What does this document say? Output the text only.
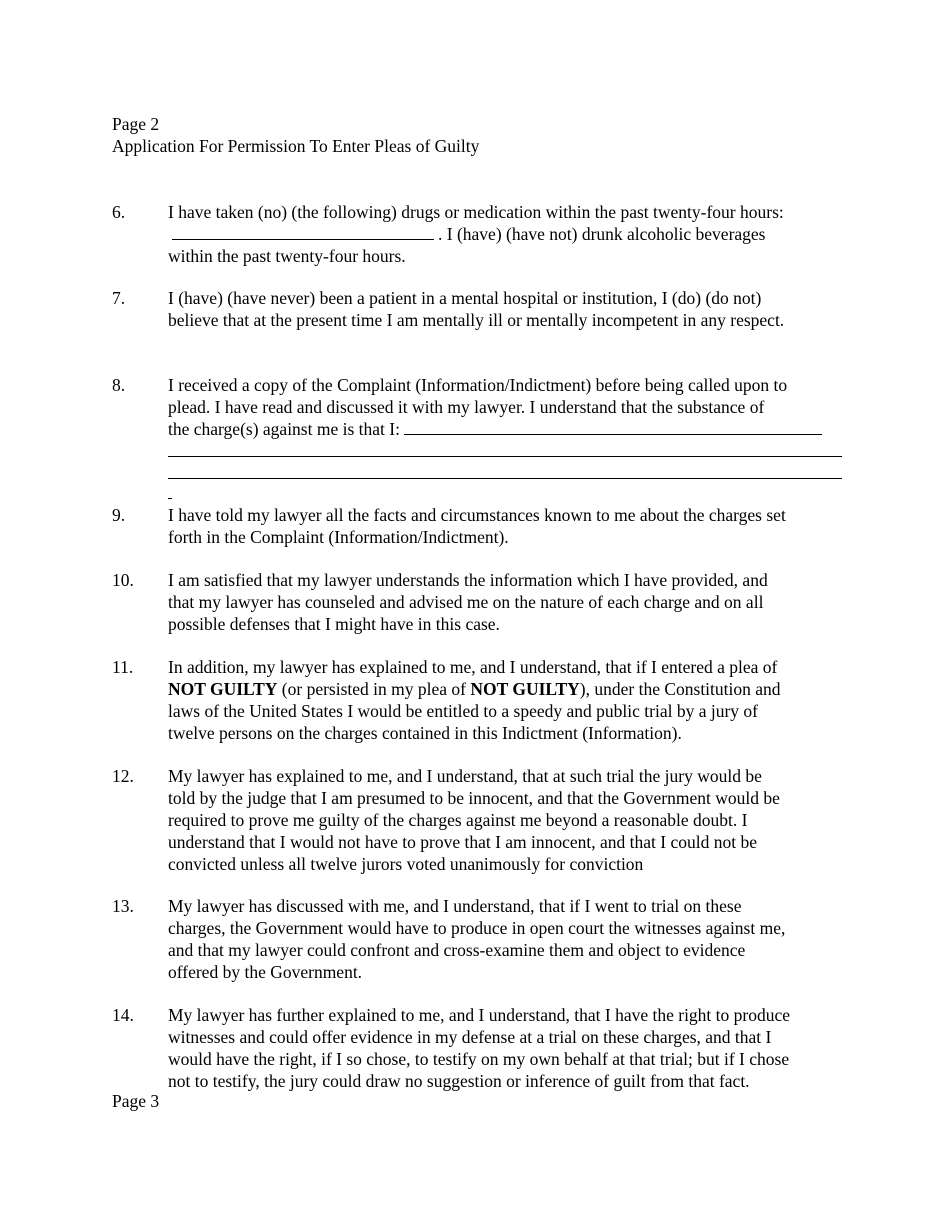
Page 2
Application For Permission To Enter Pleas of Guilty
6. I have taken (no) (the following) drugs or medication within the past twenty-four hours:
. I (have) (have not) drunk alcoholic beverages
within the past twenty-four hours.
7. I (have) (have never) been a patient in a mental hospital or institution, I (do) (do not)
believe that at the present time I am mentally ill or mentally incompetent in any respect.
8. I received a copy of the Complaint (Information/Indictment) before being called upon to
plead. I have read and discussed it with my lawyer. I understand that the substance of
the charge(s) against me is that I:
9. I have told my lawyer all the facts and circumstances known to me about the charges set
forth in the Complaint (Information/Indictment).
10. I am satisfied that my lawyer understands the information which I have provided, and
that my lawyer has counseled and advised me on the nature of each charge and on all
possible defenses that I might have in this case.
11. In addition, my lawyer has explained to me, and I understand, that if I entered a plea of
NOT GUILTY (or persisted in my plea of NOT GUILTY), under the Constitution and
laws of the United States I would be entitled to a speedy and public trial by a jury of
twelve persons on the charges contained in this Indictment (Information).
12. My lawyer has explained to me, and I understand, that at such trial the jury would be
told by the judge that I am presumed to be innocent, and that the Government would be
required to prove me guilty of the charges against me beyond a reasonable doubt. I
understand that I would not have to prove that I am innocent, and that I could not be
convicted unless all twelve jurors voted unanimously for conviction
13. My lawyer has discussed with me, and I understand, that if I went to trial on these
charges, the Government would have to produce in open court the witnesses against me,
and that my lawyer could confront and cross-examine them and object to evidence
offered by the Government.
14. My lawyer has further explained to me, and I understand, that I have the right to produce
witnesses and could offer evidence in my defense at a trial on these charges, and that I
would have the right, if I so chose, to testify on my own behalf at that trial; but if I chose
not to testify, the jury could draw no suggestion or inference of guilt from that fact.
Page 3
